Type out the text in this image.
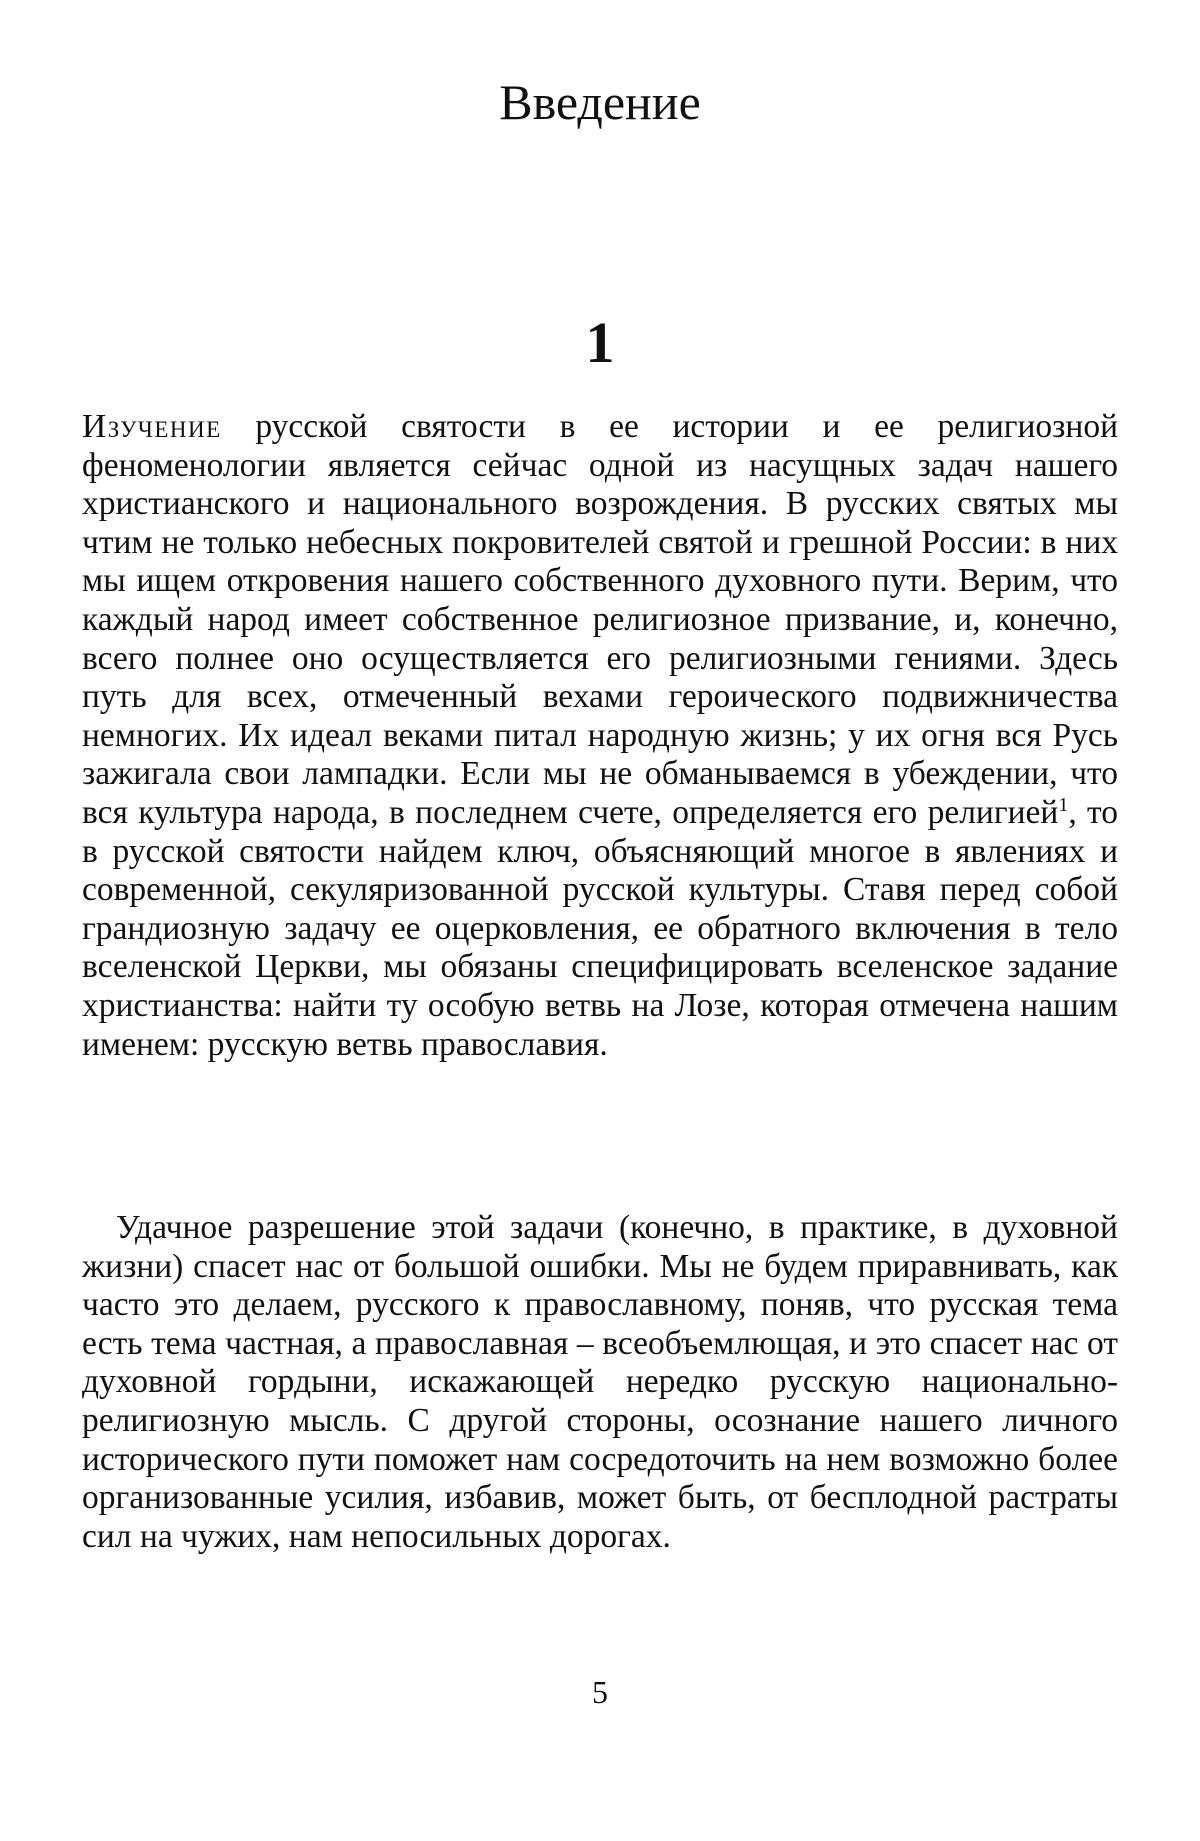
Введение
1

Изучение русской святости в ее истории и ее религиозной феноменологии является сейчас одной из насущных задач нашего христианского и национального возрождения. В русских святых мы чтим не только небесных покровителей святой и грешной России: в них мы ищем откровения нашего собственного духовного пути. Верим, что каждый народ имеет собственное религиозное призвание, и, конечно, всего полнее оно осуществляется его религиозными гениями. Здесь путь для всех, отмеченный вехами героического подвижничества немногих. Их идеал веками питал народную жизнь; у их огня вся Русь зажигала свои лампадки. Если мы не обманываемся в убеждении, что вся культура народа, в последнем счете, определяется его религией$^1$, то в русской святости найдем ключ, объясняющий многое в явлениях и современной, секуляризованной русской культуры. Ставя перед собой грандиозную задачу ее оцерковления, ее обратного включения в тело вселенской Церкви, мы обязаны специфицировать вселенское задание христианства: найти ту особую ветвь на Лозе, которая отмечена нашим именем: русскую ветвь православия.

Удачное разрешение этой задачи (конечно, в практике, в духовной жизни) спасет нас от большой ошибки. Мы не будем приравнивать, как часто это делаем, русского к православному, поняв, что русская тема есть тема частная, а православная – всеобъемлющая, и это спасет нас от духовной гордыни, искажающей нередко русскую национально-религиозную мысль. С другой стороны, осознание нашего личного исторического пути поможет нам сосредоточить на нем возможно более организованные усилия, избавив, может быть, от бесплодной растраты сил на чужих, нам непосильных дорогах.

5
